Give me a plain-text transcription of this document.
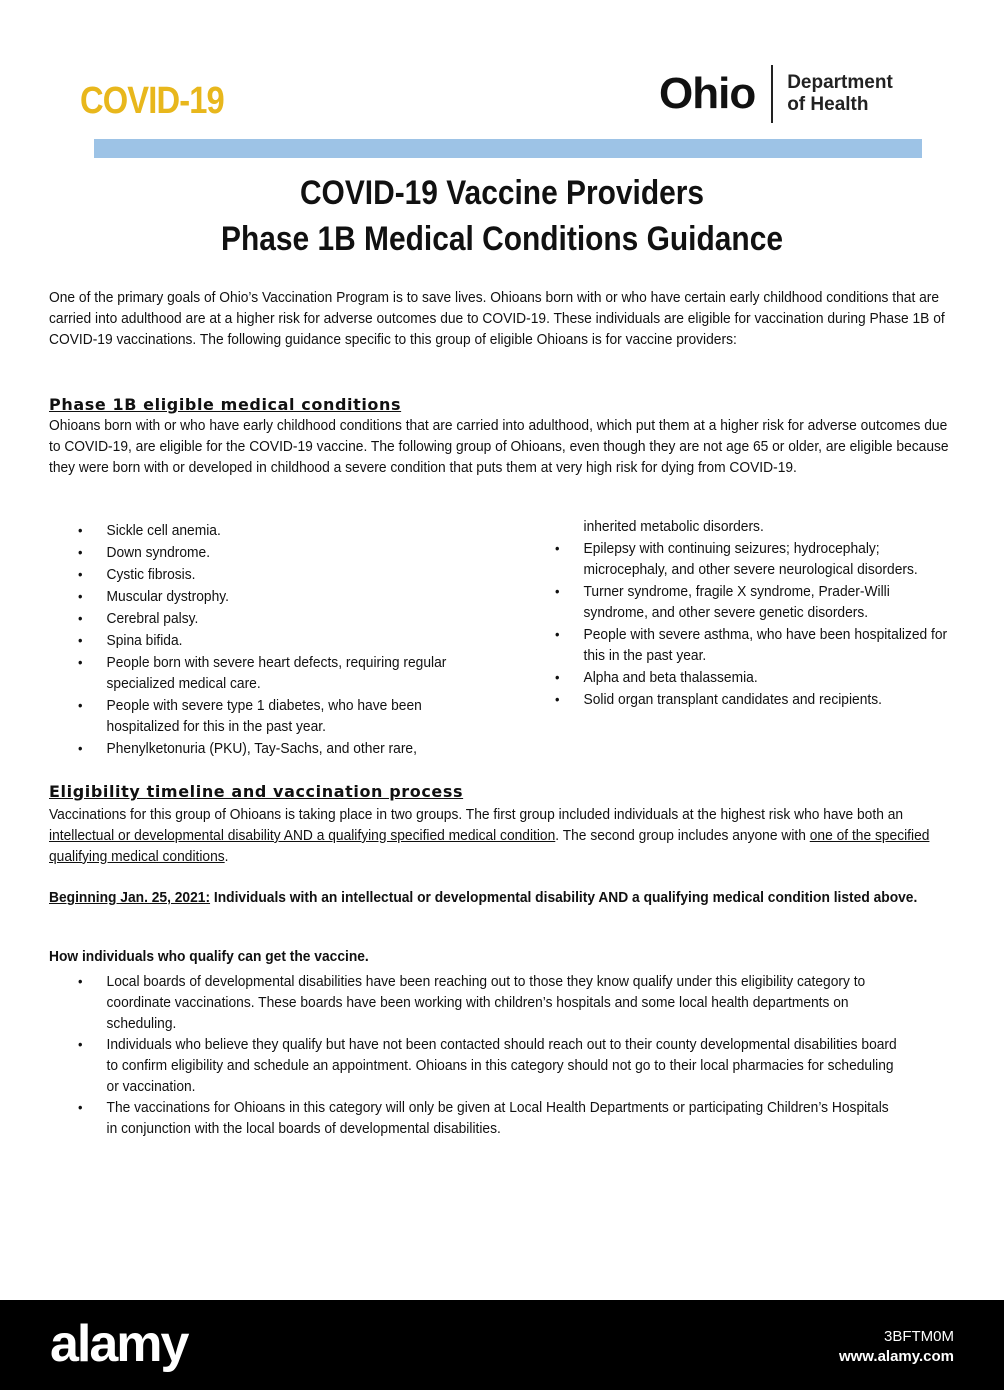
COVID-19	Ohio Department
of Health
COVID-19 Vaccine Providers
Phase 1B Medical Conditions Guidance

One of the primary goals of Ohio’s Vaccination Program is to save lives. Ohioans born with or who have certain early childhood conditions that are carried into adulthood are at a higher risk for adverse outcomes due to COVID-19. These individuals are eligible for vaccination during Phase 1B of COVID-19 vaccinations. The following guidance specific to this group of eligible Ohioans is for vaccine providers:

Phase 1B eligible medical conditions

Ohioans born with or who have early childhood conditions that are carried into adulthood, which put them at a higher risk for adverse outcomes due to COVID-19, are eligible for the COVID-19 vaccine. The following group of Ohioans, even though they are not age 65 or older, are eligible because they were born with or developed in childhood a severe condition that puts them at very high risk for dying from COVID-19.

• Sickle cell anemia.
• Down syndrome.
• Cystic fibrosis.
• Muscular dystrophy.
• Cerebral palsy.
• Spina bifida.
• People born with severe heart defects, requiring regular specialized medical care.
• People with severe type 1 diabetes, who have been hospitalized for this in the past year.
• Phenylketonuria (PKU), Tay-Sachs, and other rare,
inherited metabolic disorders.
• Epilepsy with continuing seizures; hydrocephaly; microcephaly, and other severe neurological disorders.
• Turner syndrome, fragile X syndrome, Prader-Willi syndrome, and other severe genetic disorders.
• People with severe asthma, who have been hospitalized for this in the past year.
• Alpha and beta thalassemia.
• Solid organ transplant candidates and recipients.
Eligibility timeline and vaccination process

Vaccinations for this group of Ohioans is taking place in two groups. The first group included individuals at the highest risk who have both an intellectual or developmental disability AND a qualifying specified medical condition. The second group includes anyone with one of the specified qualifying medical conditions.

Beginning Jan. 25, 2021: Individuals with an intellectual or developmental disability AND a qualifying medical condition listed above.

How individuals who qualify can get the vaccine.
• Local boards of developmental disabilities have been reaching out to those they know qualify under this eligibility category to coordinate vaccinations. These boards have been working with children’s hospitals and some local health departments on scheduling.
• Individuals who believe they qualify but have not been contacted should reach out to their county developmental disabilities board to confirm eligibility and schedule an appointment. Ohioans in this category should not go to their local pharmacies for scheduling or vaccination.
• The vaccinations for Ohioans in this category will only be given at Local Health Departments or participating Children’s Hospitals in conjunction with the local boards of developmental disabilities.
alamy	3BFTM0M
www.alamy.com
